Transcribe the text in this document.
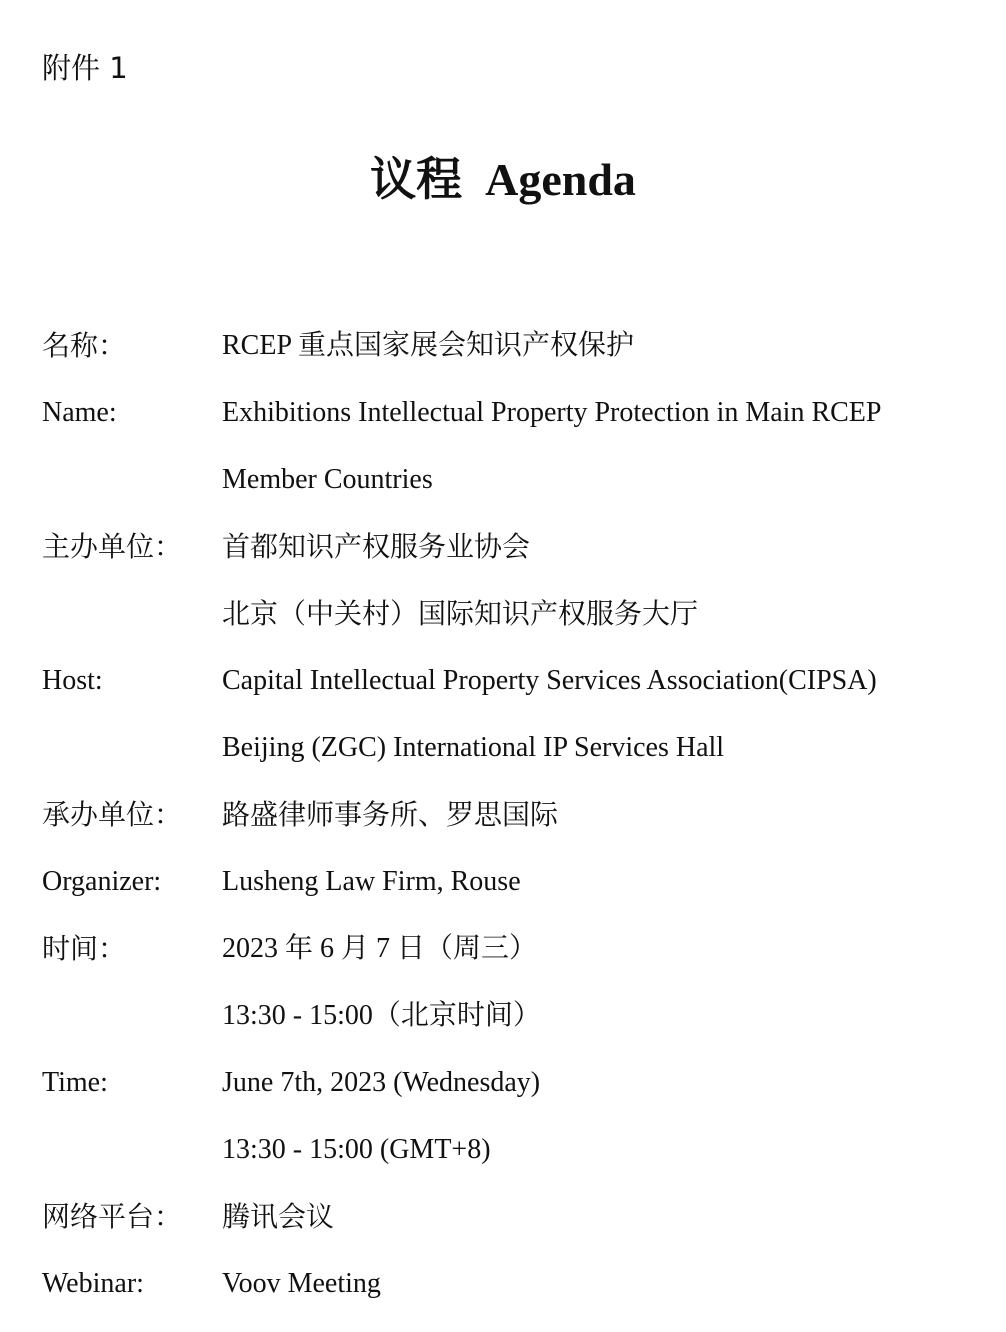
附件 1
议程  Agenda
名称：	RCEP 重点国家展会知识产权保护
Name:	Exhibitions Intellectual Property Protection in Main RCEP
Member Countries
主办单位： 首都知识产权服务业协会
北京（中关村）国际知识产权服务大厅
Host:	Capital Intellectual Property Services Association(CIPSA)
Beijing (ZGC) International IP Services Hall
承办单位： 路盛律师事务所、罗思国际
Organizer: Lusheng Law Firm, Rouse
时间：	2023 年 6 月 7 日（周三）
13:30 - 15:00（北京时间）
Time:	June 7th, 2023 (Wednesday)
13:30 - 15:00 (GMT+8)
网络平台： 腾讯会议
Webinar:	Voov Meeting
